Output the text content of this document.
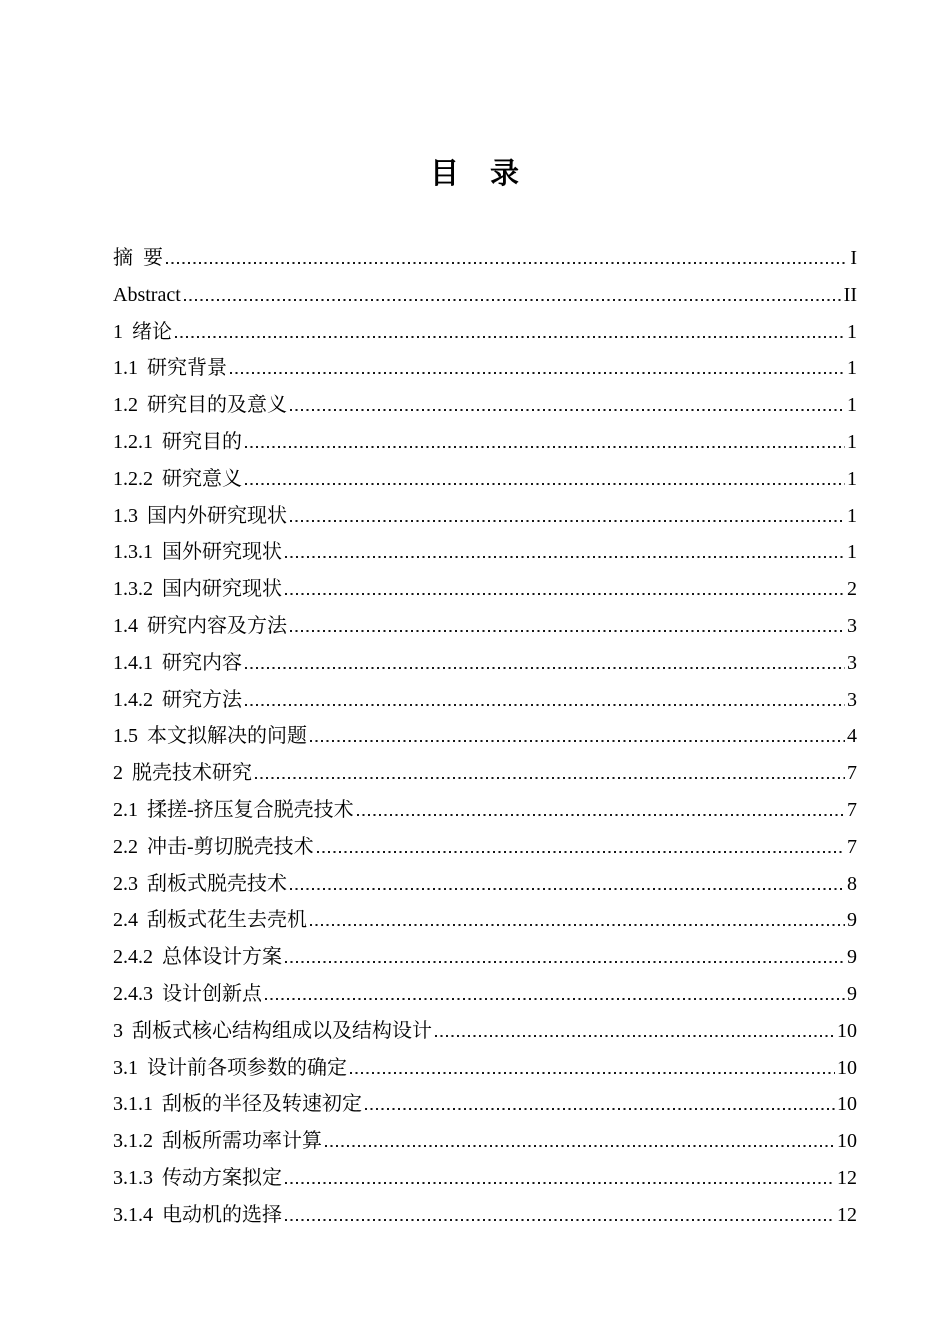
目　录
摘  要	I
Abstract	II
1 绪论	1
1.1 研究背景	1
1.2 研究目的及意义	1
1.2.1 研究目的	1
1.2.2 研究意义	1
1.3 国内外研究现状	1
1.3.1 国外研究现状	1
1.3.2 国内研究现状	2
1.4 研究内容及方法	3
1.4.1 研究内容	3
1.4.2 研究方法	3
1.5 本文拟解决的问题	4
2 脱壳技术研究	7
2.1 揉搓-挤压复合脱壳技术	7
2.2 冲击-剪切脱壳技术	7
2.3 刮板式脱壳技术	8
2.4 刮板式花生去壳机	9
2.4.2 总体设计方案	9
2.4.3 设计创新点	9
3 刮板式核心结构组成以及结构设计	10
3.1 设计前各项参数的确定	10
3.1.1 刮板的半径及转速初定	10
3.1.2 刮板所需功率计算	10
3.1.3 传动方案拟定	12
3.1.4 电动机的选择	12
